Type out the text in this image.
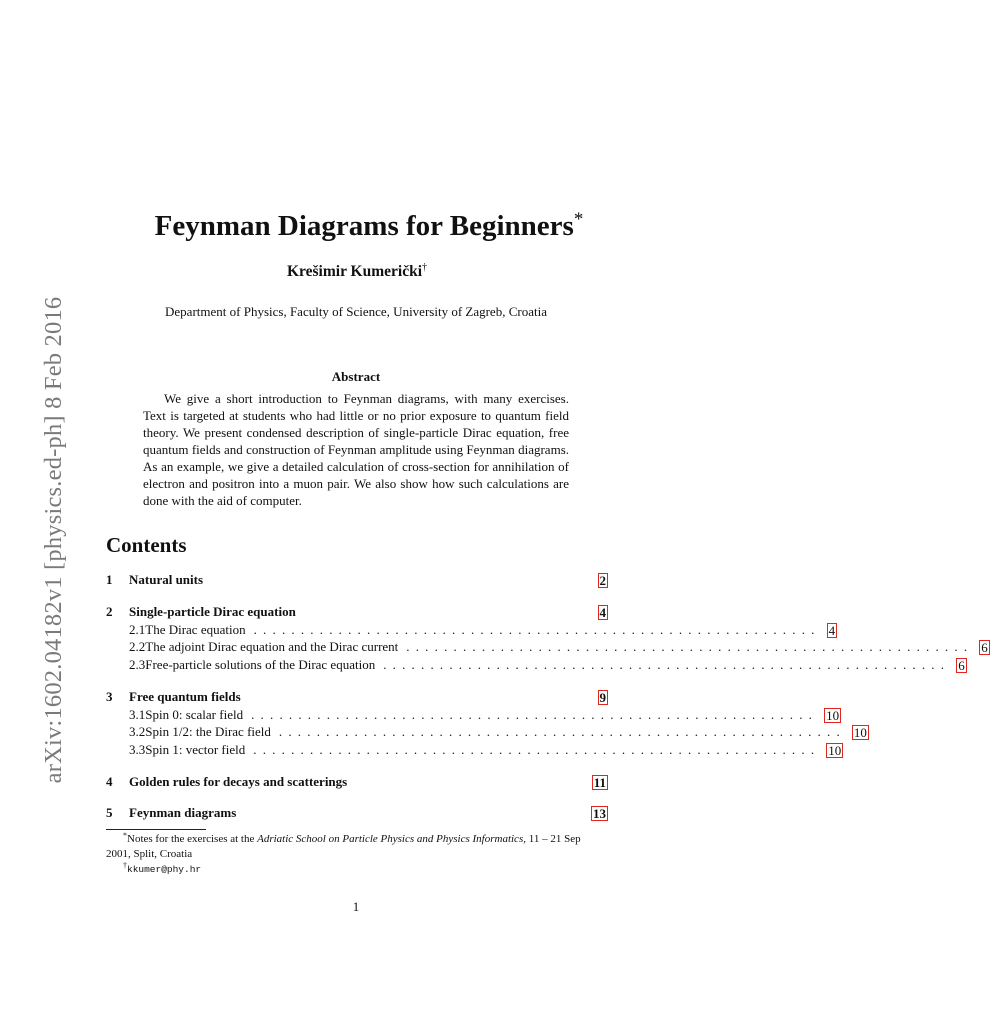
arXiv:1602.04182v1 [physics.ed-ph] 8 Feb 2016
Feynman Diagrams for Beginners*
Krešimir Kumerički†
Department of Physics, Faculty of Science, University of Zagreb, Croatia
Abstract

We give a short introduction to Feynman diagrams, with many exercises. Text is targeted at students who had little or no prior exposure to quantum field theory. We present condensed description of single-particle Dirac equation, free quantum fields and construction of Feynman amplitude using Feynman diagrams. As an example, we give a detailed calculation of cross-section for annihilation of electron and positron into a muon pair. We also show how such calculations are done with the aid of computer.

Contents
1	Natural units	2
2	Single-particle Dirac equation	4
2.1 The Dirac equation ............................................................ 4
2.2 The adjoint Dirac equation and the Dirac current ............................................................ 6
2.3 Free-particle solutions of the Dirac equation ............................................................ 6
3	Free quantum fields	9
3.1 Spin 0: scalar field ............................................................ 10
3.2 Spin 1/2: the Dirac field ............................................................ 10
3.3 Spin 1: vector field ............................................................ 10
4	Golden rules for decays and scatterings	11
5	Feynman diagrams	13
*Notes for the exercises at the Adriatic School on Particle Physics and Physics Informatics, 11 – 21 Sep 2001, Split, Croatia
†kkumer@phy.hr
1
